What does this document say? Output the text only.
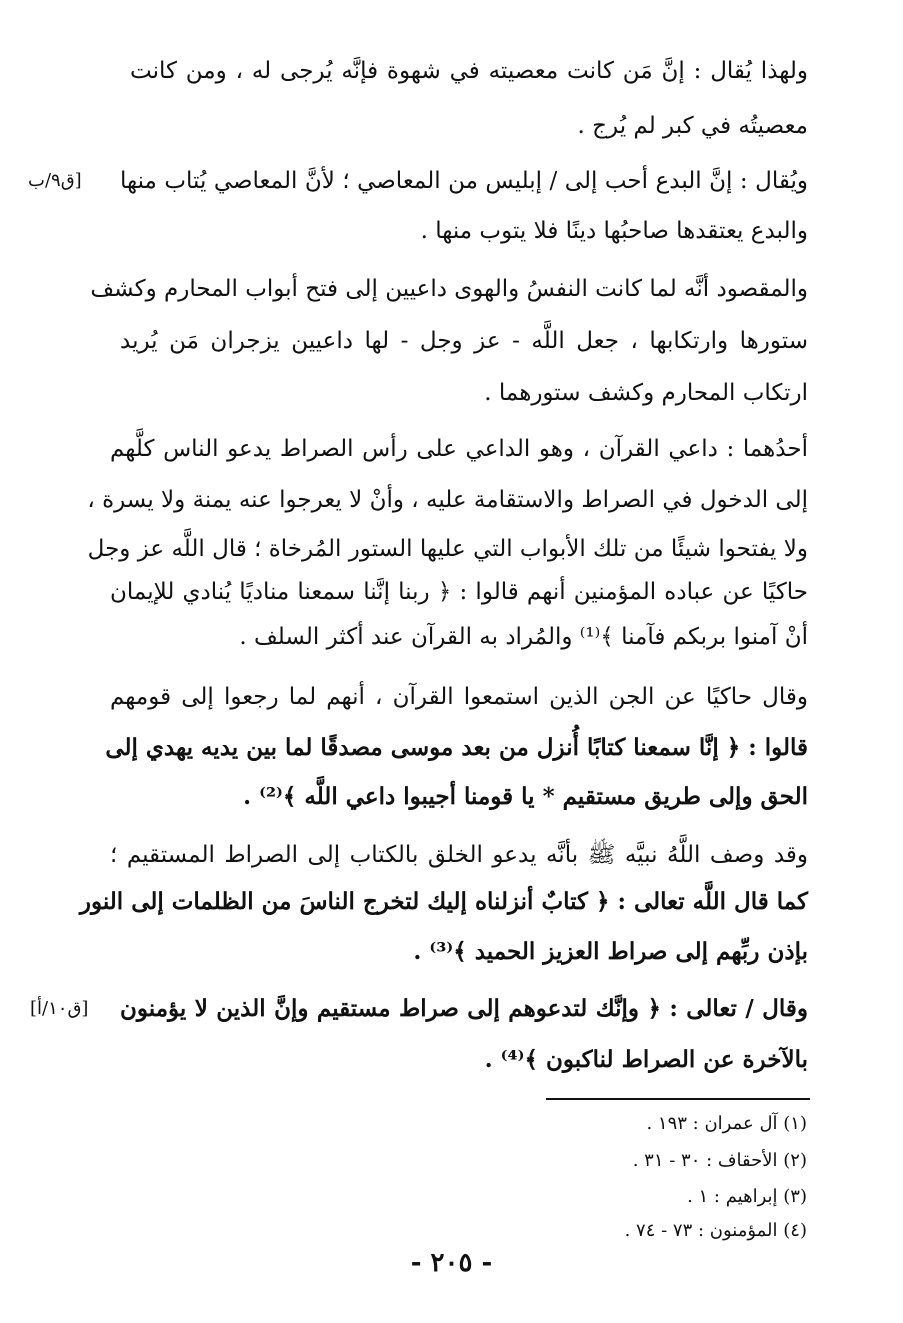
ولهذا يُقال : إنَّ مَن كانت معصيته في شهوة فإنَّه يُرجى له ، ومن كانت
معصيتُه في كبر لم يُرج .
ويُقال : إنَّ البدع أحب إلى / إبليس من المعاصي ؛ لأنَّ المعاصي يُتاب منها
[ق٩/ب
والبدع يعتقدها صاحبُها دينًا فلا يتوب منها .
والمقصود أنَّه لما كانت النفسُ والهوى داعيين إلى فتح أبواب المحارم وكشف
ستورها وارتكابها ، جعل اللَّه - عز وجل - لها داعيين يزجران مَن يُريد
ارتكاب المحارم وكشف ستورهما .
أحدُهما : داعي القرآن ، وهو الداعي على رأس الصراط يدعو الناس كلَّهم
إلى الدخول في الصراط والاستقامة عليه ، وأنْ لا يعرجوا عنه يمنة ولا يسرة ،
ولا يفتحوا شيئًا من تلك الأبواب التي عليها الستور المُرخاة ؛ قال اللَّه عز وجل
حاكيًا عن عباده المؤمنين أنهم قالوا : ﴿ ربنا إنَّنا سمعنا مناديًا يُنادي للإيمان
أنْ آمنوا بربكم فآمنا ﴾⁽¹⁾ والمُراد به القرآن عند أكثر السلف .
وقال حاكيًا عن الجن الذين استمعوا القرآن ، أنهم لما رجعوا إلى قومهم
قالوا : ﴿ إنَّا سمعنا كتابًا أُنزل من بعد موسى مصدقًا لما بين يديه يهدي إلى
الحق وإلى طريق مستقيم * يا قومنا أجيبوا داعي اللَّه ﴾⁽²⁾ .
وقد وصف اللَّهُ نبيَّه ﷺ بأنَّه يدعو الخلق بالكتاب إلى الصراط المستقيم ؛
كما قال اللَّه تعالى : ﴿ كتابٌ أنزلناه إليك لتخرج الناسَ من الظلمات إلى النور
بإذن ربِّهم إلى صراط العزيز الحميد ﴾⁽³⁾ .
وقال / تعالى : ﴿ وإنَّك لتدعوهم إلى صراط مستقيم وإنَّ الذين لا يؤمنون
[ق١٠/أ]
بالآخرة عن الصراط لناكبون ﴾⁽⁴⁾ .
(١) آل عمران : ١٩٣ .
(٢) الأحقاف : ٣٠ - ٣١ .
(٣) إبراهيم : ١ .
(٤) المؤمنون : ٧٣ - ٧٤ .
- ٢٠٥ -
